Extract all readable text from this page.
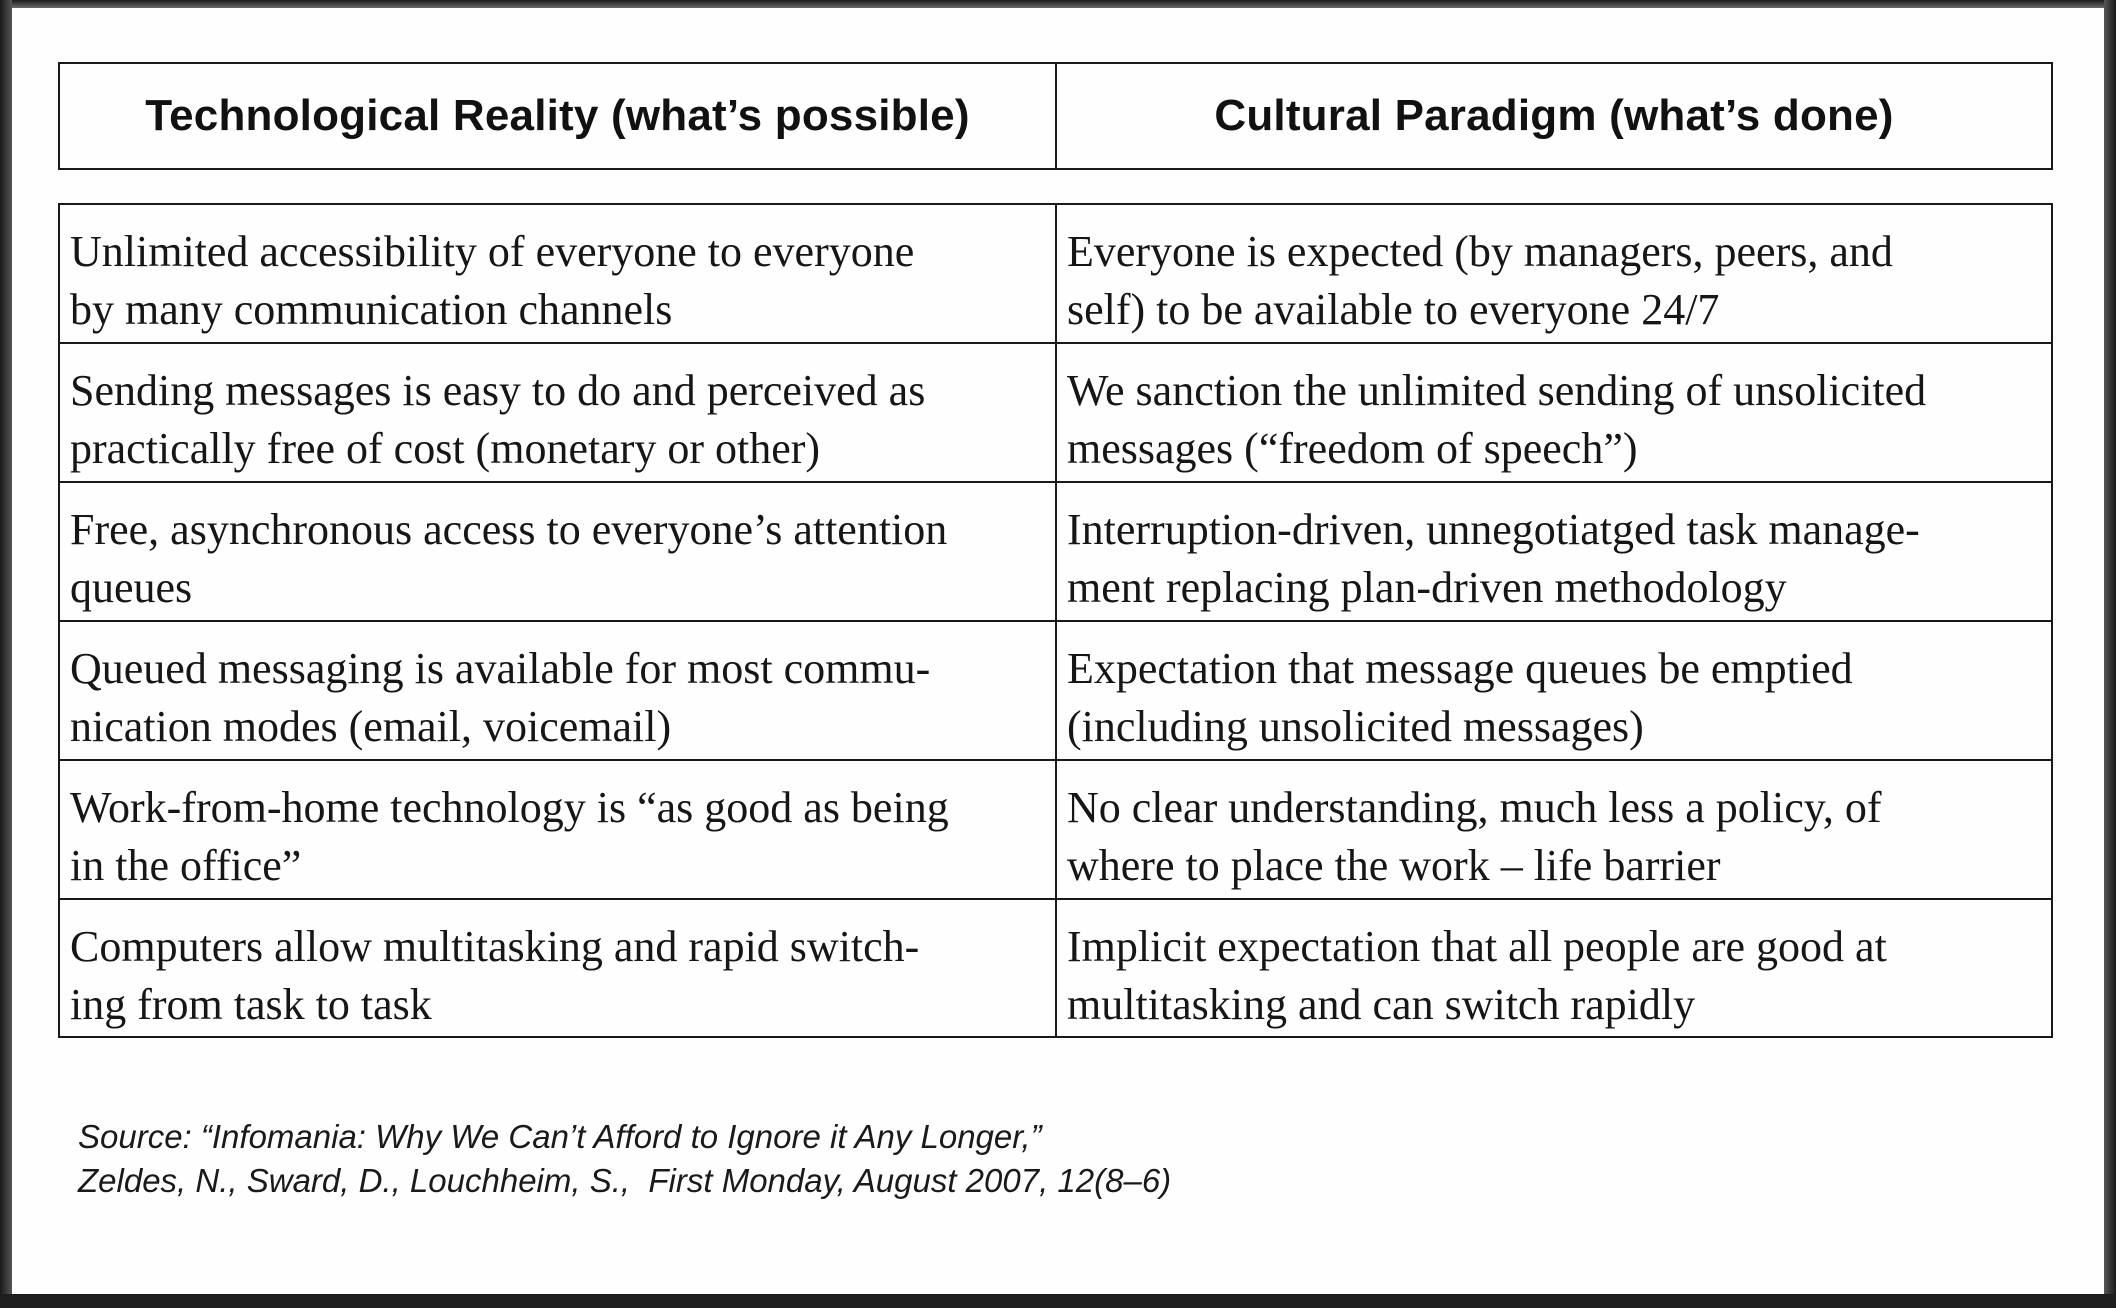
Technological Reality (what’s possible)	Cultural Paradigm (what’s done)
Unlimited accessibility of everyone to everyone
by many communication channels
Everyone is expected (by managers, peers, and
self) to be available to everyone 24/7
Sending messages is easy to do and perceived as
practically free of cost (monetary or other)
We sanction the unlimited sending of unsolicited
messages (“freedom of speech”)
Free, asynchronous access to everyone’s attention
queues
Interruption-driven, unnegotiatged task manage-
ment replacing plan-driven methodology
Queued messaging is available for most commu-
nication modes (email, voicemail)
Expectation that message queues be emptied
(including unsolicited messages)
Work-from-home technology is “as good as being
in the office”
No clear understanding, much less a policy, of
where to place the work – life barrier
Computers allow multitasking and rapid switch-
ing from task to task
Implicit expectation that all people are good at
multitasking and can switch rapidly
Source: “Infomania: Why We Can’t Afford to Ignore it Any Longer,”
Zeldes, N., Sward, D., Louchheim, S.,  First Monday, August 2007, 12(8–6)
